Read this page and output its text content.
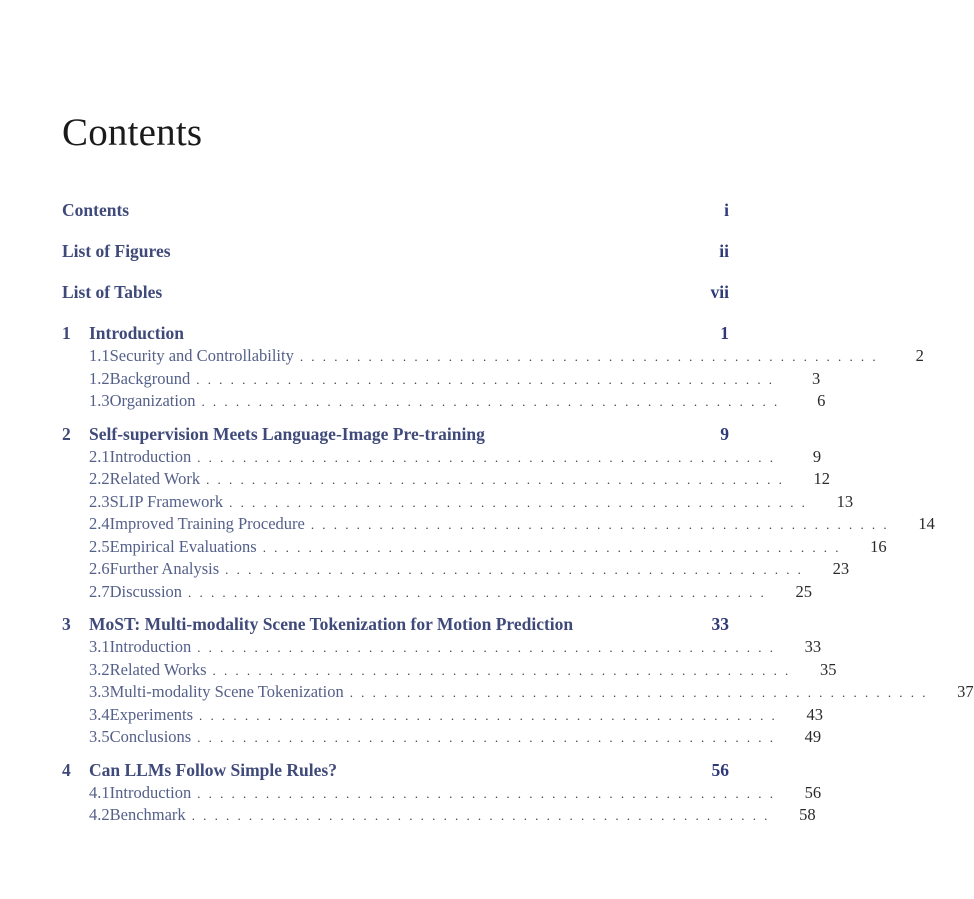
Contents
Contents	i
List of Figures	ii
List of Tables	vii
1	Introduction	1
1.1 Security and Controllability ...................................................	2
1.2 Background ...................................................	3
1.3 Organization ...................................................	6
2	Self-supervision Meets Language-Image Pre-training	9
2.1 Introduction ...................................................	9
2.2 Related Work ...................................................	12
2.3 SLIP Framework ...................................................	13
2.4 Improved Training Procedure ...................................................	14
2.5 Empirical Evaluations ...................................................	16
2.6 Further Analysis ...................................................	23
2.7 Discussion ...................................................	25
3	MoST: Multi-modality Scene Tokenization for Motion Prediction	33
3.1 Introduction ...................................................	33
3.2 Related Works ...................................................	35
3.3 Multi-modality Scene Tokenization ...................................................	37
3.4 Experiments ...................................................	43
3.5 Conclusions ...................................................	49
4	Can LLMs Follow Simple Rules?	56
4.1 Introduction ...................................................	56
4.2 Benchmark ...................................................	58
